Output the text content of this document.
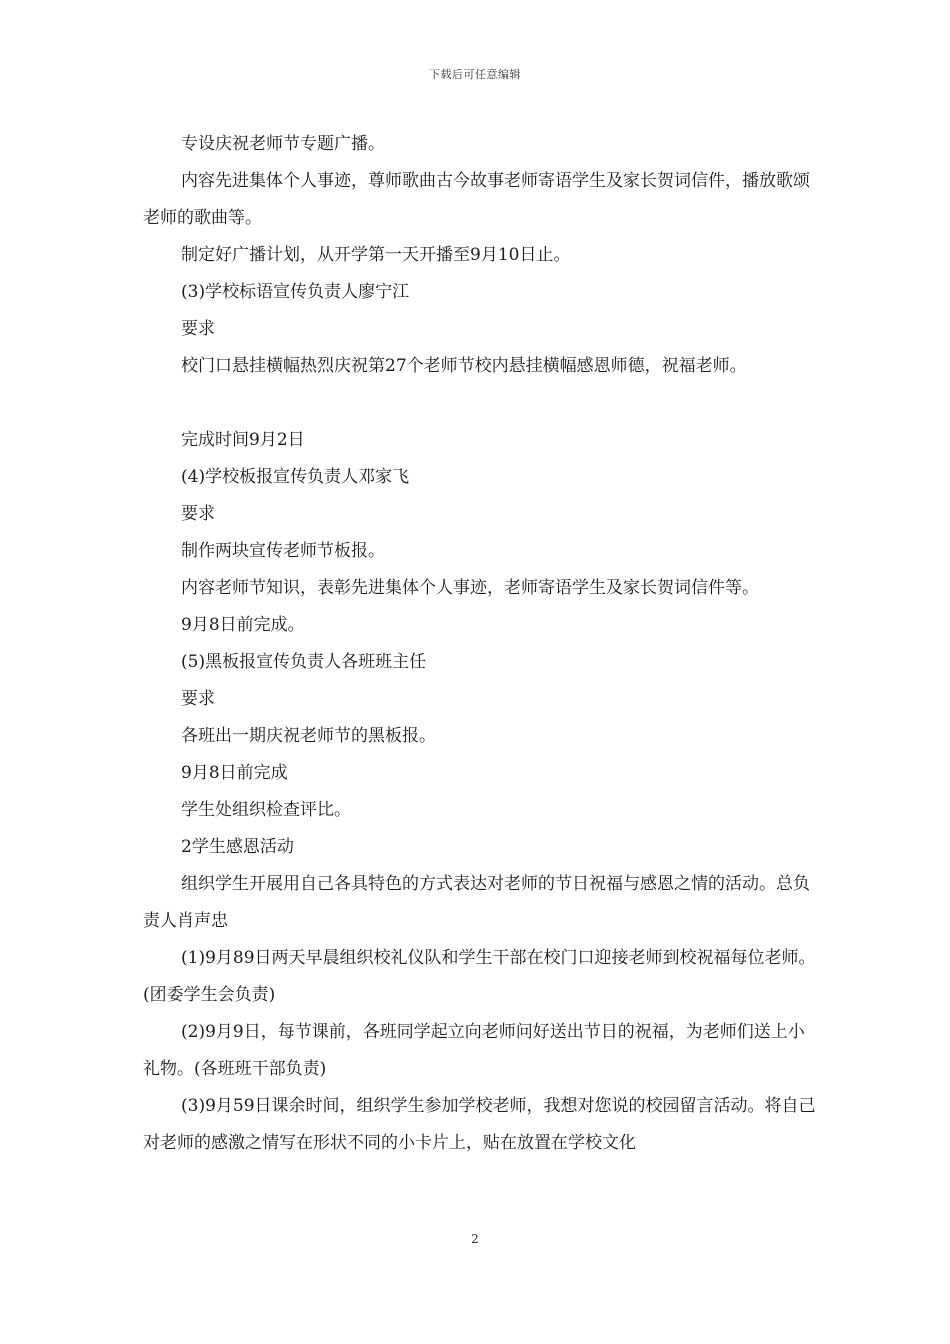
下载后可任意编辑

专设庆祝老师节专题广播。

内容先进集体个人事迹，尊师歌曲古今故事老师寄语学生及家长贺词信件，播放歌颂老师的歌曲等。

制定好广播计划，从开学第一天开播至9月10日止。

(3)学校标语宣传负责人廖宁江

要求

校门口悬挂横幅热烈庆祝第27个老师节校内悬挂横幅感恩师德，祝福老师。

完成时间9月2日

(4)学校板报宣传负责人邓家飞

要求

制作两块宣传老师节板报。

内容老师节知识，表彰先进集体个人事迹，老师寄语学生及家长贺词信件等。

9月8日前完成。

(5)黑板报宣传负责人各班班主任

要求

各班出一期庆祝老师节的黑板报。

9月8日前完成

学生处组织检查评比。

2学生感恩活动

组织学生开展用自己各具特色的方式表达对老师的节日祝福与感恩之情的活动。总负责人肖声忠

(1)9月89日两天早晨组织校礼仪队和学生干部在校门口迎接老师到校祝福每位老师。(团委学生会负责)

(2)9月9日，每节课前，各班同学起立向老师问好送出节日的祝福，为老师们送上小礼物。(各班班干部负责)

(3)9月59日课余时间，组织学生参加学校老师，我想对您说的校园留言活动。将自己对老师的感激之情写在形状不同的小卡片上，贴在放置在学校文化

2
